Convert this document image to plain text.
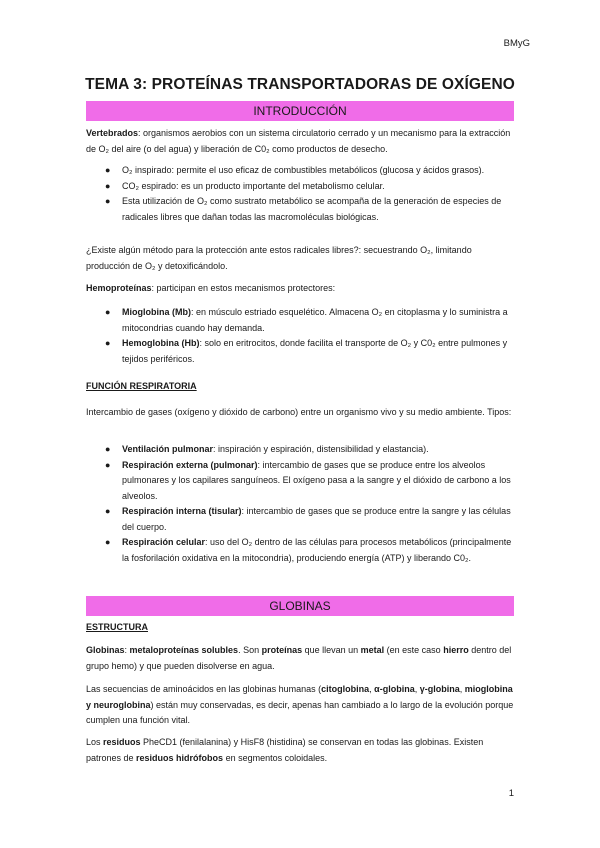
BMyG
TEMA 3: PROTEÍNAS TRANSPORTADORAS DE OXÍGENO
INTRODUCCIÓN

Vertebrados: organismos aerobios con un sistema circulatorio cerrado y un mecanismo para la extracción de O₂ del aire (o del agua) y liberación de C0₂ como productos de desecho.

● O₂ inspirado: permite el uso eficaz de combustibles metabólicos (glucosa y ácidos grasos).
● CO₂ espirado: es un producto importante del metabolismo celular.
● Esta utilización de O₂ como sustrato metabólico se acompaña de la generación de especies de radicales libres que dañan todas las macromoléculas biológicas.

¿Existe algún método para la protección ante estos radicales libres?: secuestrando O₂, limitando producción de O₂ y detoxificándolo.

Hemoproteínas: participan en estos mecanismos protectores:

● Mioglobina (Mb): en músculo estriado esquelético. Almacena O₂ en citoplasma y lo suministra a mitocondrias cuando hay demanda.
● Hemoglobina (Hb): solo en eritrocitos, donde facilita el transporte de O₂ y C0₂ entre pulmones y tejidos periféricos.
FUNCIÓN RESPIRATORIA

Intercambio de gases (oxígeno y dióxido de carbono) entre un organismo vivo y su medio ambiente. Tipos:

● Ventilación pulmonar: inspiración y espiración, distensibilidad y elastancia).
● Respiración externa (pulmonar): intercambio de gases que se produce entre los alveolos pulmonares y los capilares sanguíneos. El oxígeno pasa a la sangre y el dióxido de carbono a los alveolos.
● Respiración interna (tisular): intercambio de gases que se produce entre la sangre y las células del cuerpo.
● Respiración celular: uso del O₂ dentro de las células para procesos metabólicos (principalmente la fosforilación oxidativa en la mitocondria), produciendo energía (ATP) y liberando C0₂.
GLOBINAS
ESTRUCTURA

Globinas: metaloproteínas solubles. Son proteínas que llevan un metal (en este caso hierro dentro del grupo hemo) y que pueden disolverse en agua.

Las secuencias de aminoácidos en las globinas humanas (citoglobina, α-globina, γ-globina, mioglobina y neuroglobina) están muy conservadas, es decir, apenas han cambiado a lo largo de la evolución porque cumplen una función vital.

Los residuos PheCD1 (fenilalanina) y HisF8 (histidina) se conservan en todas las globinas. Existen patrones de residuos hidrófobos en segmentos coloidales.

1
